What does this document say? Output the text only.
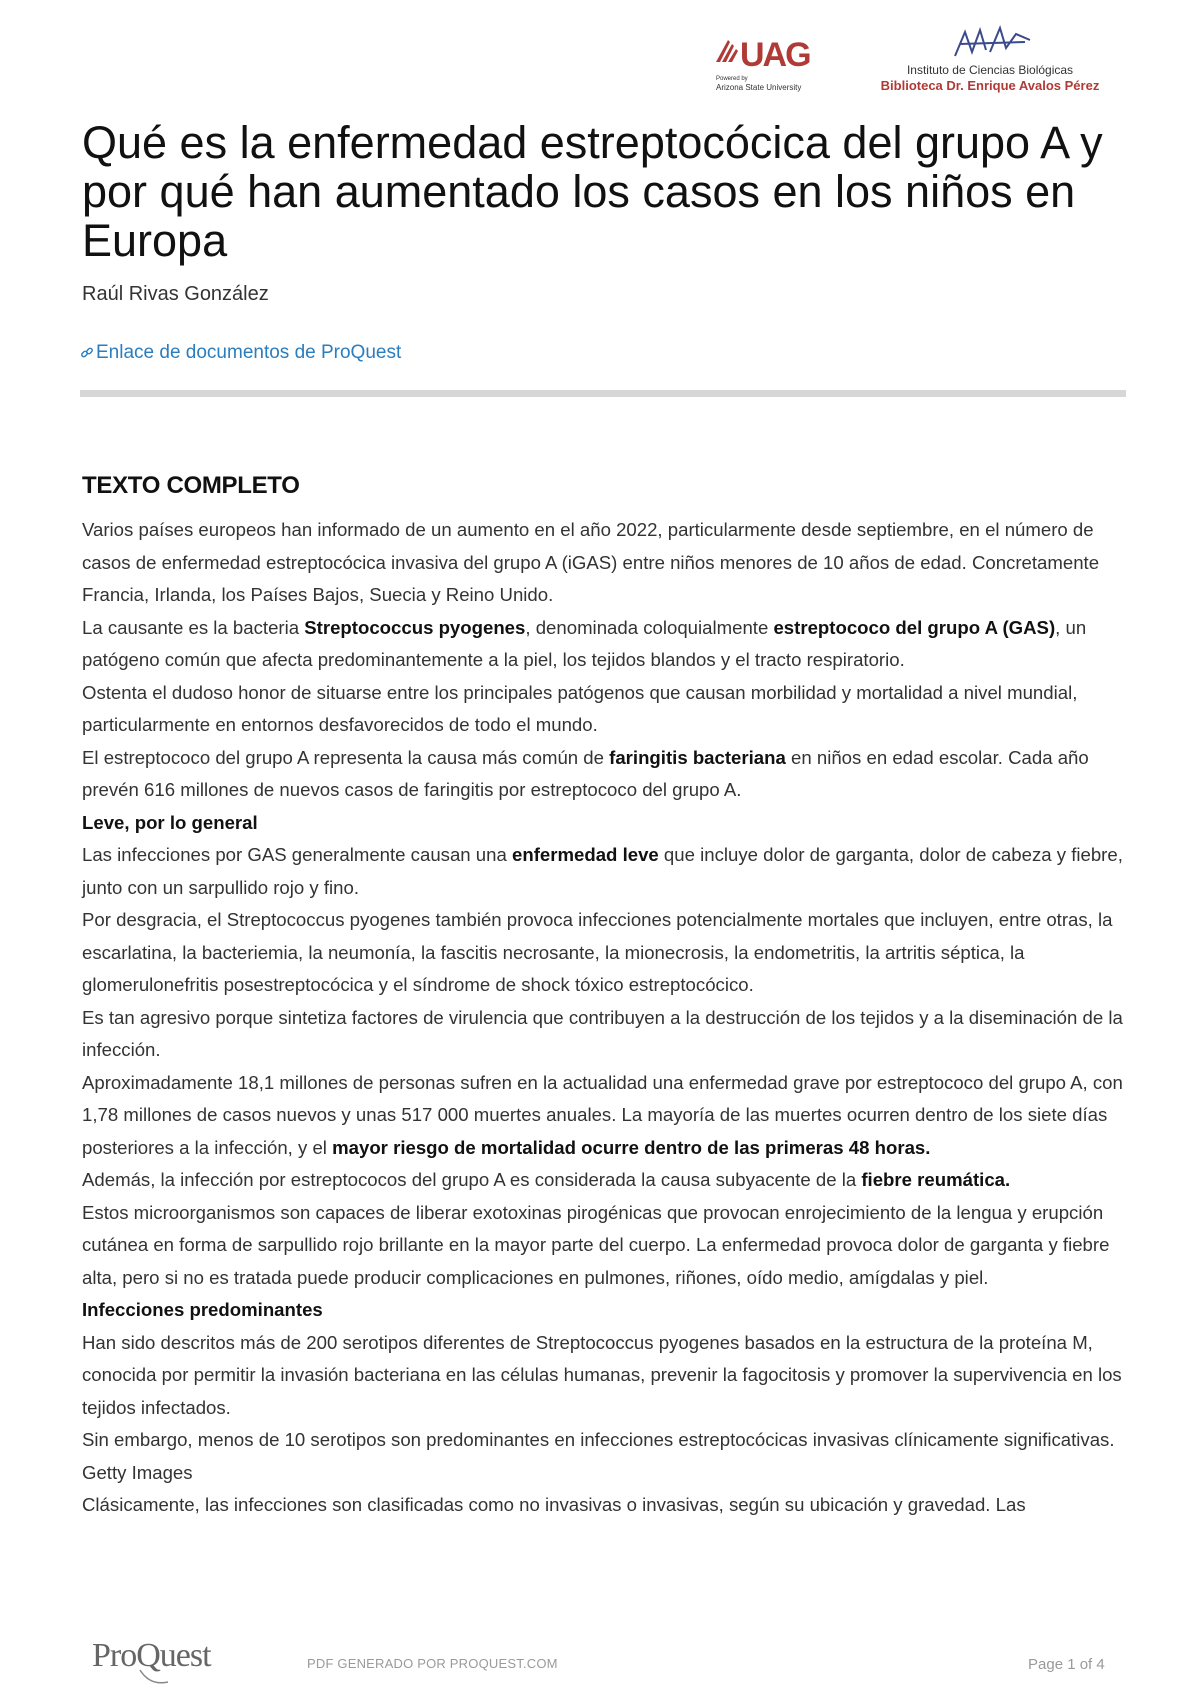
UAG
Powered by
Arizona State University
Instituto de Ciencias Biológicas
Biblioteca Dr. Enrique Avalos Pérez
Qué es la enfermedad estreptocócica del grupo A y por qué han aumentado los casos en los niños en Europa
Raúl Rivas González
Enlace de documentos de ProQuest
TEXTO COMPLETO

Varios países europeos han informado de un aumento en el año 2022, particularmente desde septiembre, en el número de casos de enfermedad estreptocócica invasiva del grupo A (iGAS) entre niños menores de 10 años de edad. Concretamente Francia, Irlanda, los Países Bajos, Suecia y Reino Unido.

La causante es la bacteria Streptococcus pyogenes, denominada coloquialmente estreptococo del grupo A (GAS), un patógeno común que afecta predominantemente a la piel, los tejidos blandos y el tracto respiratorio.

Ostenta el dudoso honor de situarse entre los principales patógenos que causan morbilidad y mortalidad a nivel mundial, particularmente en entornos desfavorecidos de todo el mundo.

El estreptococo del grupo A representa la causa más común de faringitis bacteriana en niños en edad escolar. Cada año prevén 616 millones de nuevos casos de faringitis por estreptococo del grupo A.

Leve, por lo general

Las infecciones por GAS generalmente causan una enfermedad leve que incluye dolor de garganta, dolor de cabeza y fiebre, junto con un sarpullido rojo y fino.

Por desgracia, el Streptococcus pyogenes también provoca infecciones potencialmente mortales que incluyen, entre otras, la escarlatina, la bacteriemia, la neumonía, la fascitis necrosante, la mionecrosis, la endometritis, la artritis séptica, la glomerulonefritis posestreptocócica y el síndrome de shock tóxico estreptocócico.

Es tan agresivo porque sintetiza factores de virulencia que contribuyen a la destrucción de los tejidos y a la diseminación de la infección.

Aproximadamente 18,1 millones de personas sufren en la actualidad una enfermedad grave por estreptococo del grupo A, con 1,78 millones de casos nuevos y unas 517 000 muertes anuales. La mayoría de las muertes ocurren dentro de los siete días posteriores a la infección, y el mayor riesgo de mortalidad ocurre dentro de las primeras 48 horas.

Además, la infección por estreptococos del grupo A es considerada la causa subyacente de la fiebre reumática.

Estos microorganismos son capaces de liberar exotoxinas pirogénicas que provocan enrojecimiento de la lengua y erupción cutánea en forma de sarpullido rojo brillante en la mayor parte del cuerpo. La enfermedad provoca dolor de garganta y fiebre alta, pero si no es tratada puede producir complicaciones en pulmones, riñones, oído medio, amígdalas y piel.

Infecciones predominantes

Han sido descritos más de 200 serotipos diferentes de Streptococcus pyogenes basados en la estructura de la proteína M, conocida por permitir la invasión bacteriana en las células humanas, prevenir la fagocitosis y promover la supervivencia en los tejidos infectados.

Sin embargo, menos de 10 serotipos son predominantes en infecciones estreptocócicas invasivas clínicamente significativas.

Getty Images

Clásicamente, las infecciones son clasificadas como no invasivas o invasivas, según su ubicación y gravedad. Las

ProQuest	PDF GENERADO POR PROQUEST.COM	Page 1 of 4
